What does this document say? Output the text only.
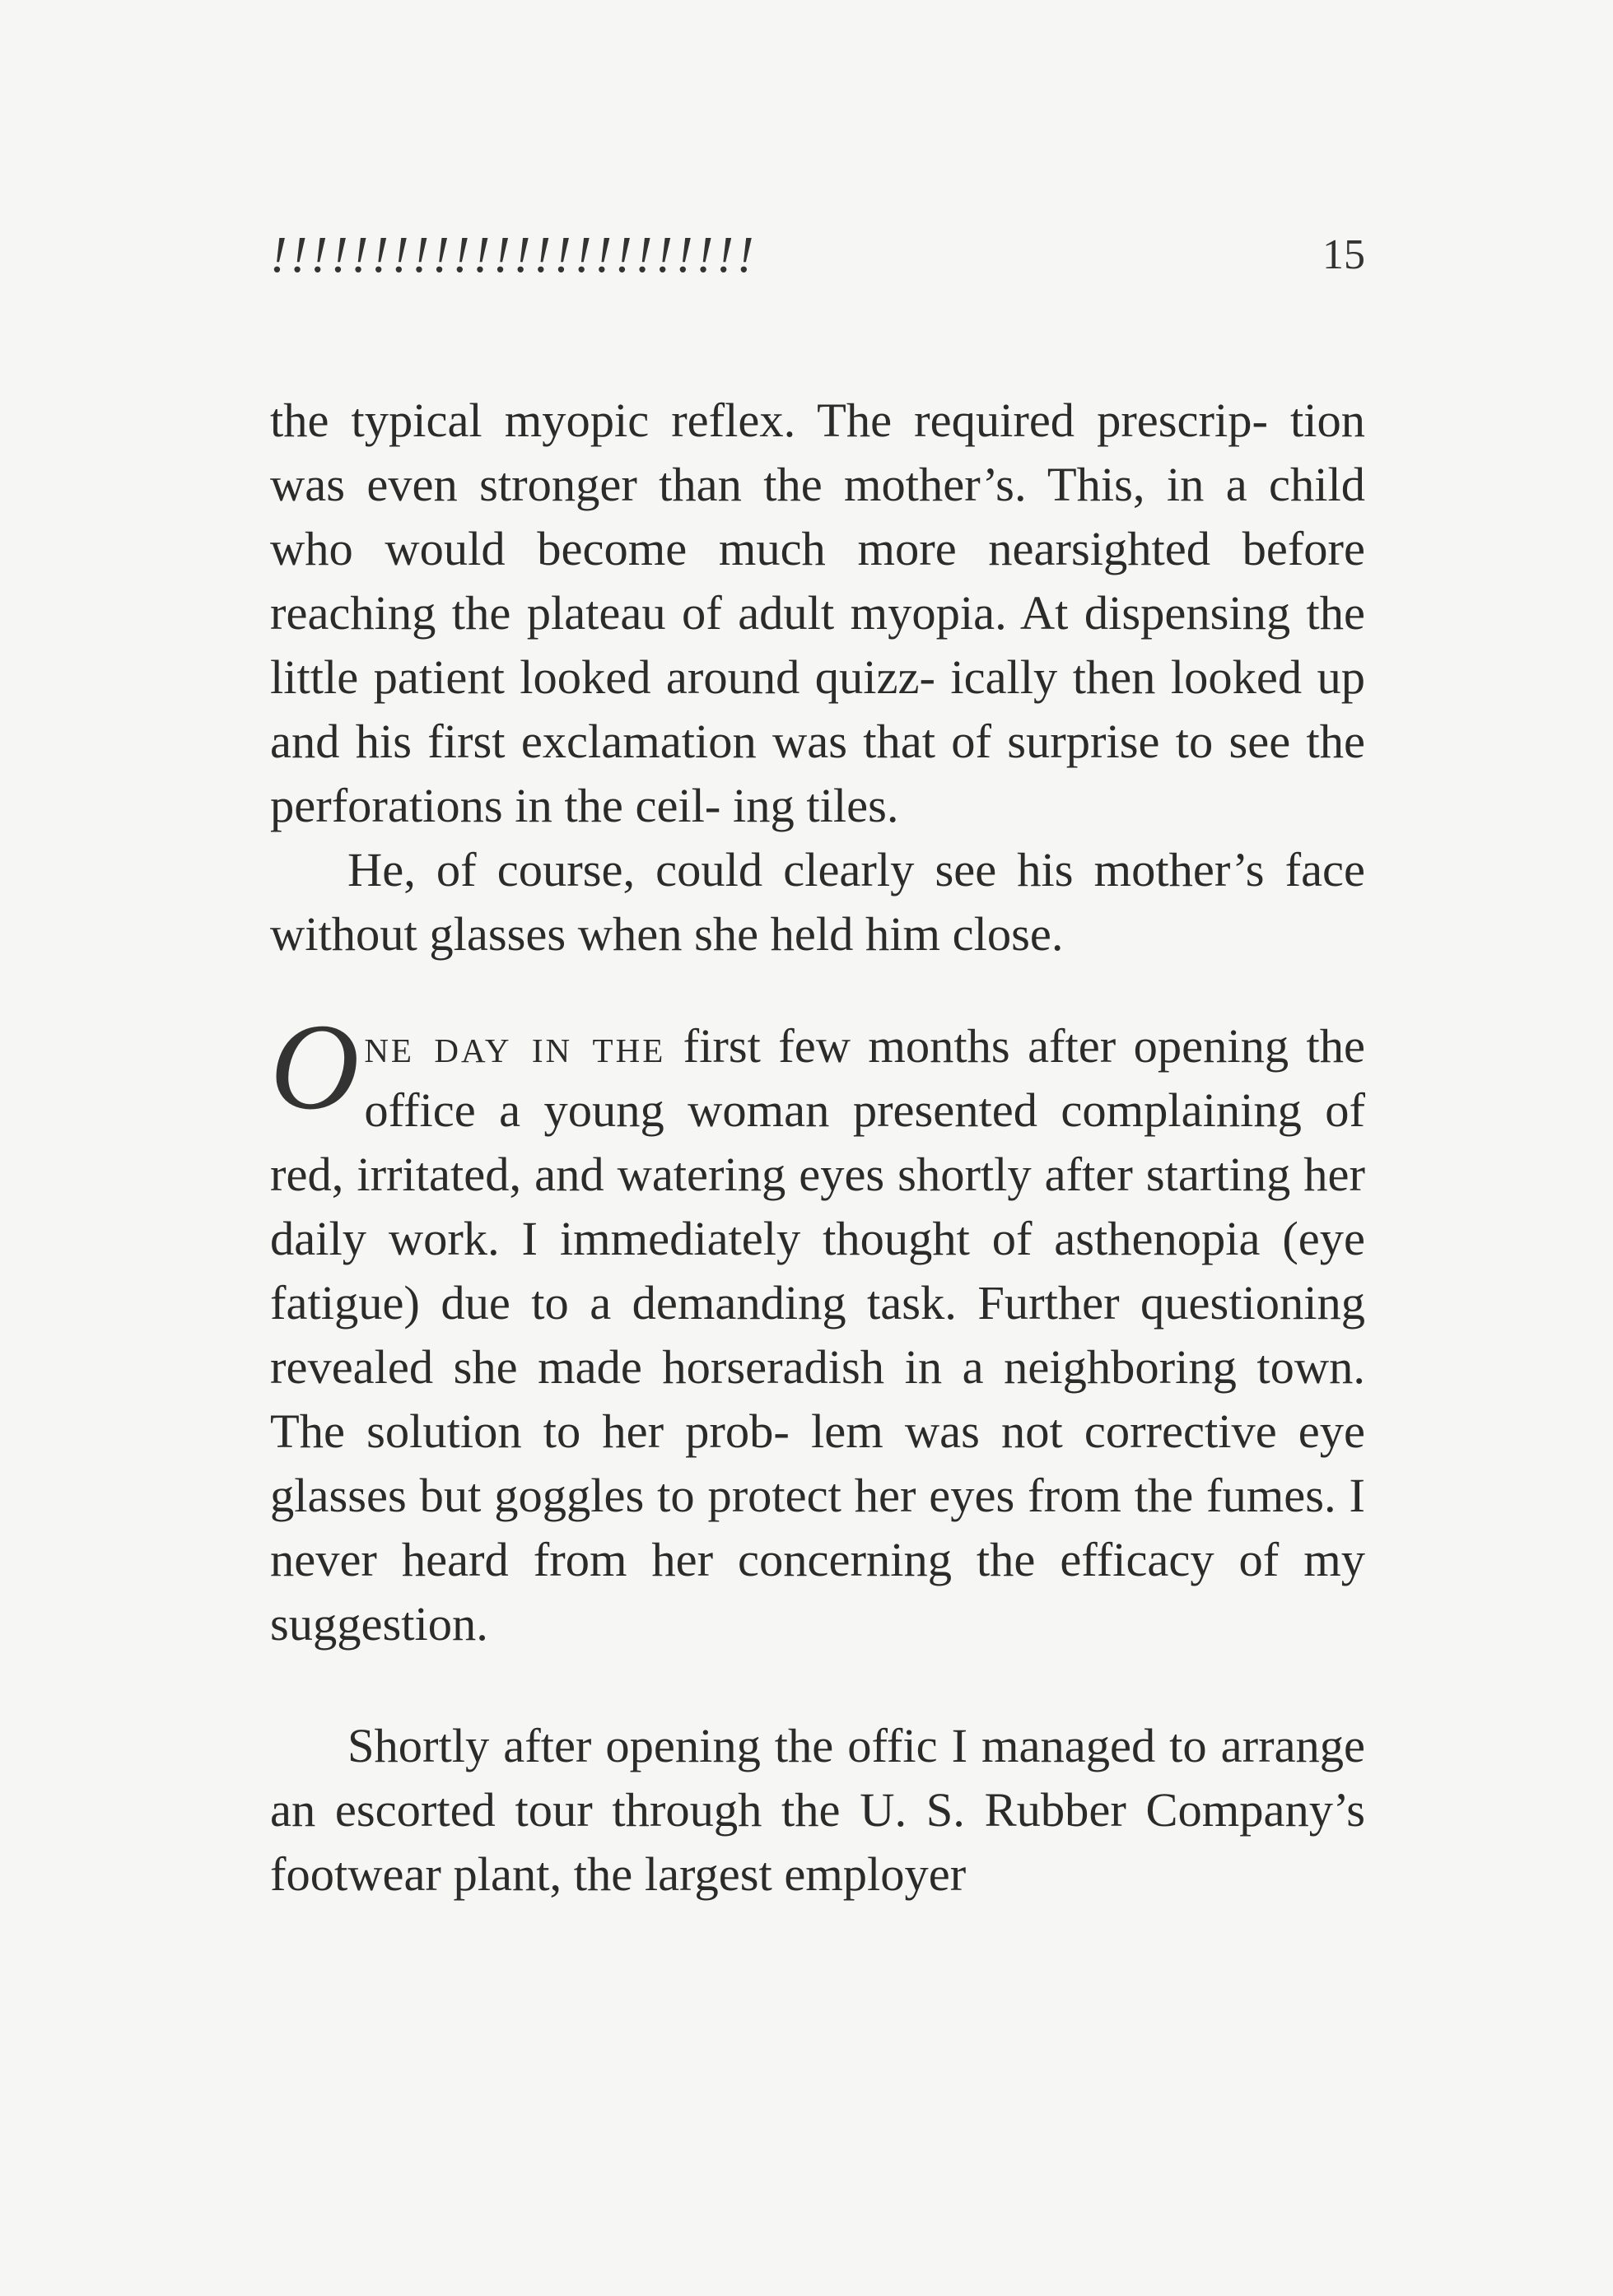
!!!!!!!!!!!!!!!!!!!!!!!!	15

the typical myopic reflex. The required prescrip- tion was even stronger than the mother’s. This, in a child who would become much more nearsighted before reaching the plateau of adult myopia. At dispensing the little patient looked around quizz- ically then looked up and his first exclamation was that of surprise to see the perforations in the ceil- ing tiles.

He, of course, could clearly see his mother’s face without glasses when she held him close.

One day in the first few months after opening the office a young woman presented complaining of red, irritated, and watering eyes shortly after starting her daily work. I immediately thought of asthenopia (eye fatigue) due to a demanding task. Further questioning revealed she made horseradish in a neighboring town. The solution to her prob- lem was not corrective eye glasses but goggles to protect her eyes from the fumes. I never heard from her concerning the efficacy of my suggestion.

Shortly after opening the offic I managed to arrange an escorted tour through the U. S. Rubber Company’s footwear plant, the largest employer
